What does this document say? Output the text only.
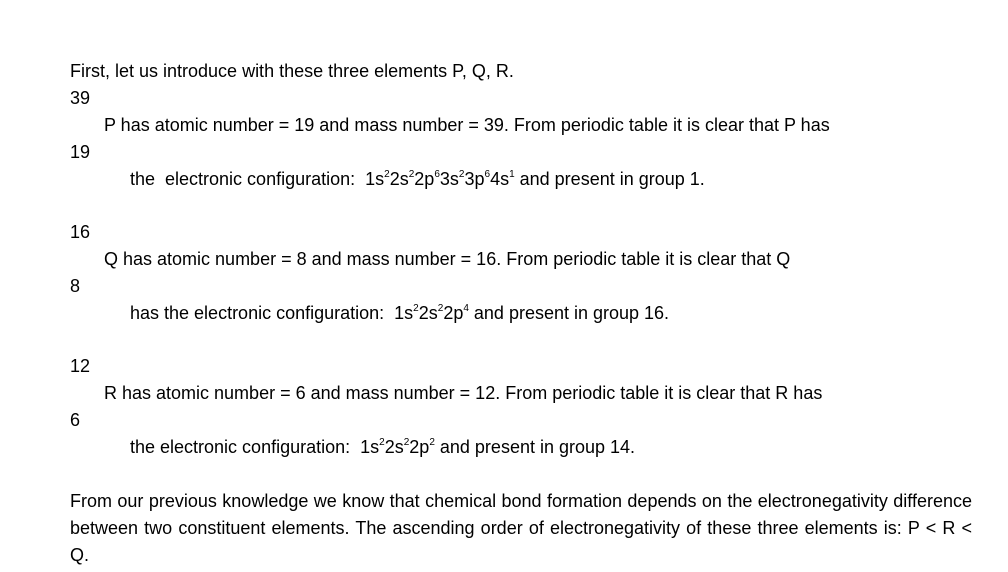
First, let us introduce with these three elements P, Q, R.
39
P has atomic number = 19 and mass number = 39. From periodic table it is clear that P has
19
the  electronic configuration:  $1s^22s^22p^63s^23p^64s^1$ and present in group 1.
16
Q has atomic number = 8 and mass number = 16. From periodic table it is clear that Q
8
has the electronic configuration:  $1s^22s^22p^4$ and present in group 16.
12
R has atomic number = 6 and mass number = 12. From periodic table it is clear that R has
6
the electronic configuration:  $1s^22s^22p^2$ and present in group 14.
From our previous knowledge we know that chemical bond formation depends on the electronegativity difference between two constituent elements. The ascending order of electronegativity of these three elements is: P < R < Q.
